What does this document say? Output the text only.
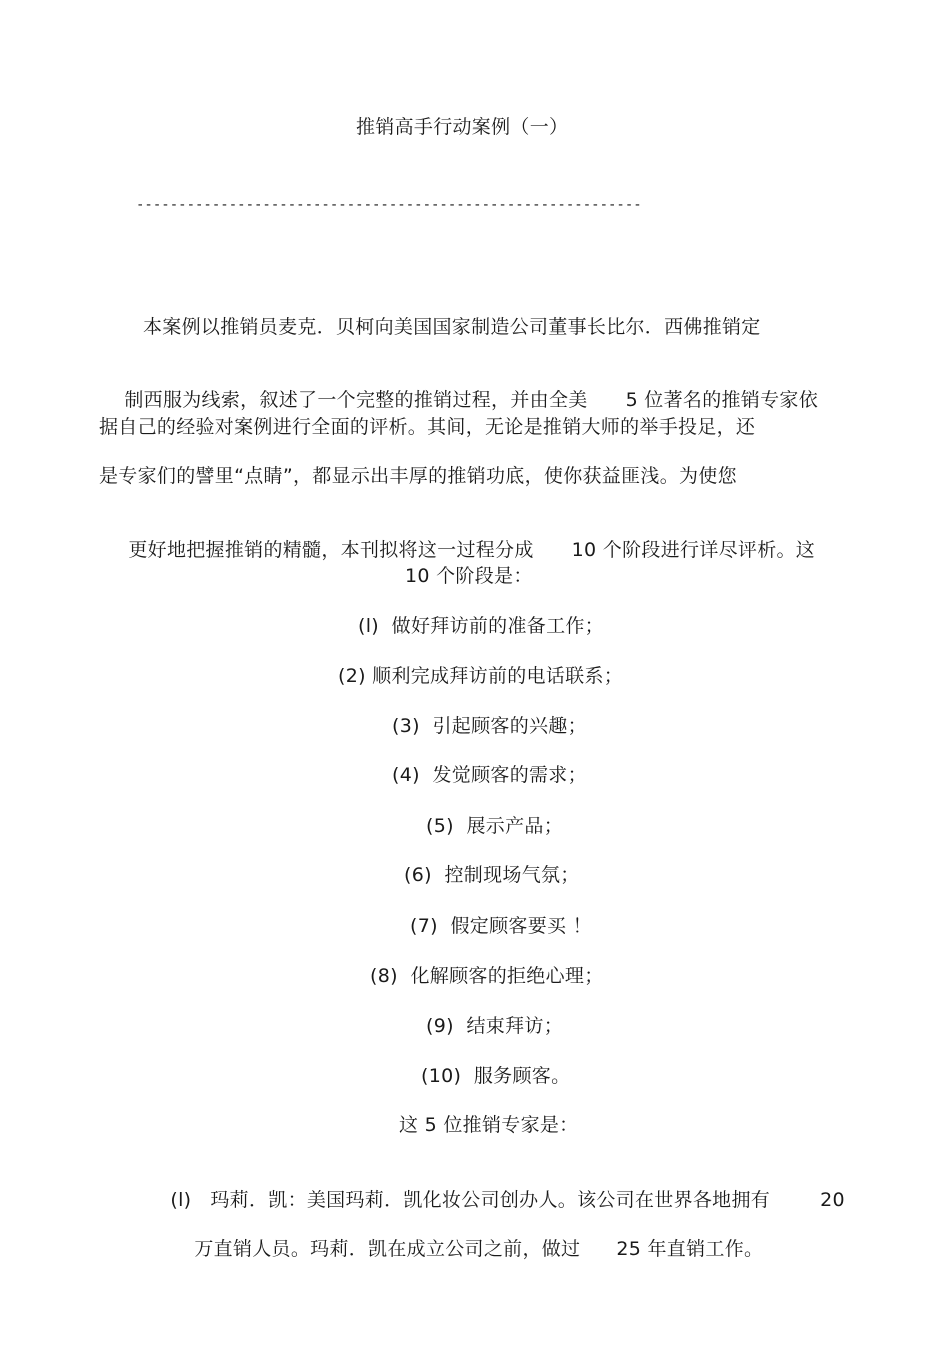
推销高手行动案例（一）
------------------------------------------------------------
本案例以推销员麦克．贝柯向美国国家制造公司董事长比尔．西佛推销定

制西服为线索，叙述了一个完整的推销过程，并由全美 5 位著名的推销专家依

据自己的经验对案例进行全面的评析。其间，无论是推销大师的举手投足，还
是专家们的譬里“点睛”，都显示出丰厚的推销功底，使你获益匪浅。为使您

更好地把握推销的精髓，本刊拟将这一过程分成 10 个阶段进行详尽评析。这

10 个阶段是：
(l)  做好拜访前的准备工作；
(2) 顺利完成拜访前的电话联系；
(3)  引起顾客的兴趣；
(4)  发觉顾客的需求；
(5)  展示产品；
(6)  控制现场气氛；
(7)  假定顾客要买 ！
(8)  化解顾客的拒绝心理；
(9)  结束拜访；
(10)  服务顾客。
这 5 位推销专家是：

(l)   玛莉．凯：美国玛莉．凯化妆公司创办人。该公司在世界各地拥有	20

万直销人员。玛莉．凯在成立公司之前，做过 25 年直销工作。
